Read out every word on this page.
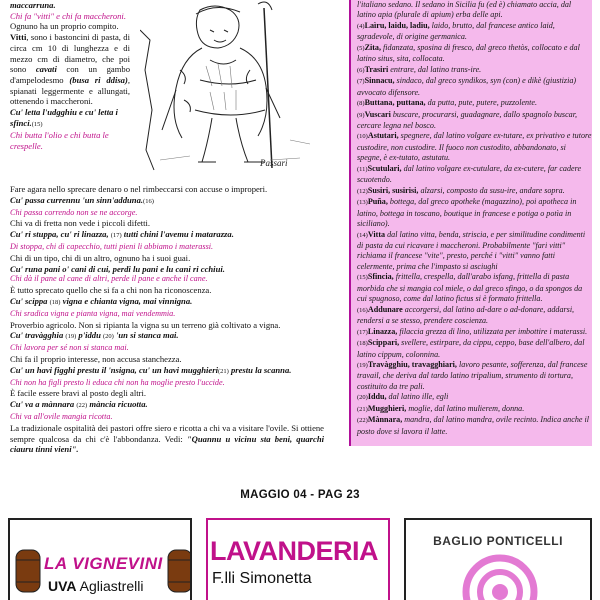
maccarruna.

Chi fa "vitti" e chi fa maccheroni.

Ognuno ha un proprio compito.

Vitti, sono i bastoncini di pasta, di circa cm 10 di lunghezza e di mezzo cm di diametro, che poi sono cavati con un gambo d'ampelodesmo (busa ri ddisa), spianati leggermente e allungati, ottenendo i maccheroni.

Cu' letta l'udgghiu e cu' letta i sfinci.(15)

Chi butta l'olio e chi butta le crespelle.

Passari

Fare agara nello sprecare denaro o nel rimbeccarsi con accuse o improperi.

Cu' passa currennu 'un sinn'adduna.(16)

Chi passa correndo non se ne accorge.

Chi va di fretta non vede i piccoli difetti.

Cu' ri stuppa, cu' ri linazza, (17) tutti chini l'avemu i matarazza.

Di stoppa, chi di capecchio, tutti pieni li abbiamo i materassi.

Chi di un tipo, chi di un altro, ognuno ha i suoi guai.

Cu' runa pani o' cani di cui, perdi lu pani e lu cani ri cchiui.

Chi dà il pane al cane di altri, perde il pane e anche il cane.

È tutto sprecato quello che si fa a chi non ha riconoscenza.

Cu' scippa (18) vigna e chianta vigna, mai vinnigna.

Chi sradica vigna e pianta vigna, mai vendemmia.

Proverbio agricolo. Non si ripianta la vigna su un terreno già coltivato a vigna.

Cu' travàgghia (19) p'iddu (20) 'un si stanca mai.

Chi lavora per sé non si stanca mai.

Chi fa il proprio interesse, non accusa stanchezza.

Cu' un havi figghi prestu il 'nsigna, cu' un havi mugghieri(21) prestu la scanna.

Chi non ha figli presto li educa chi non ha moglie presto l'uccide.

È facile essere bravi al posto degli altri.

Cu' va a mànnara (22) mància ricuotta.

Chi va all'ovile mangia ricotta.

La tradizionale ospitalità dei pastori offre siero e ricotta a chi va a visitare l'ovile. Si ottiene sempre qualcosa da chi c'è l'abbondanza. Vedi: "Quannu u vicinu sta beni, quarchi ciauru tinni vieni".

l'italiano sedano. Il sedano in Sicilia fu (ed è) chiamato accia, dal latino apia (plurale di apium) erba delle api.

(4)Laìru, laidu, ladiu, laido, brutto, dal francese antico laid, sgradevole, di origine germanica.

(5)Zita, fidanzata, sposina di fresco, dal greco thetòs, collocato e dal latino situs, sita, collocata.

(6)Trasiri entrare, dal latino trans-ire.

(7)Sinnacu, sindaco, dal greco syndikos, syn (con) e dikè (giustizia) avvocato difensore.

(8)Buttana, puttana, da putta, pute, putere, puzzolente.

(9)Vuscari buscare, procurarsi, guadagnare, dallo spagnolo buscar, cercare legna nel bosco.

(10)Astutari, spegnere, dal latino volgare ex-tutare, ex privativo e tutore custodire, non custodire. Il fuoco non custodito, abbandonato, si spegne, è ex-tutato, astutatu.

(11)Scutulari, dal latino volgare ex-cutulare, da ex-cutere, far cadere scuotendo.

(12)Susiri, susirisi, alzarsi, composto da susu-ire, andare sopra.

(13)Puña, bottega, dal greco apotheke (magazzino), poi apotheca in latino, bottega in toscano, boutique in francese e potiga o potìa in siciliano).

(14)Vitta dal latino vitta, benda, striscia, e per similitudine condimenti di pasta da cui ricavare i maccheroni. Probabilmente "fari vitti" richiama il francese "vite", presto, perché i "vitti" vanno fatti celermente, prima che l'impasto si asciughi

(15)Sfincia, frittella, crespella, dall'arabo isfang, frittella di pasta morbida che si mangia col miele, o dal greco sfingo, o da spongos da cui spugnoso, come dal latino fictus si è formato frittella.

(16)Addunare accorgersi, dal latino ad-dare o ad-donare, addarsi, rendersi a se stesso, prendere coscienza.

(17)Linazza, filaccia grezza di lino, utilizzata per imbottire i materassi.

(18)Scippari, svellere, estirpare, da cippu, ceppo, base dell'albero, dal latino cippum, colonnina.

(19)Travàgghiu, travagghiari, lavoro pesante, sofferenza, dal francese travail, che deriva dal tardo latino tripalium, strumento di tortura, costituito da tre pali.

(20)Iddu, dal latino ille, egli

(21)Mugghieri, moglie, dal latino mulierem, donna.

(22)Mànnara, mandra, dal latino mandra, ovile recinto. Indica anche il posto dove si lavora il latte.

MAGGIO 04 - PAG 23
LA VIGNEVINI
UVA Agliastrelli
LAVANDERIA
F.lli Simonetta
BAGLIO PONTICELLI
